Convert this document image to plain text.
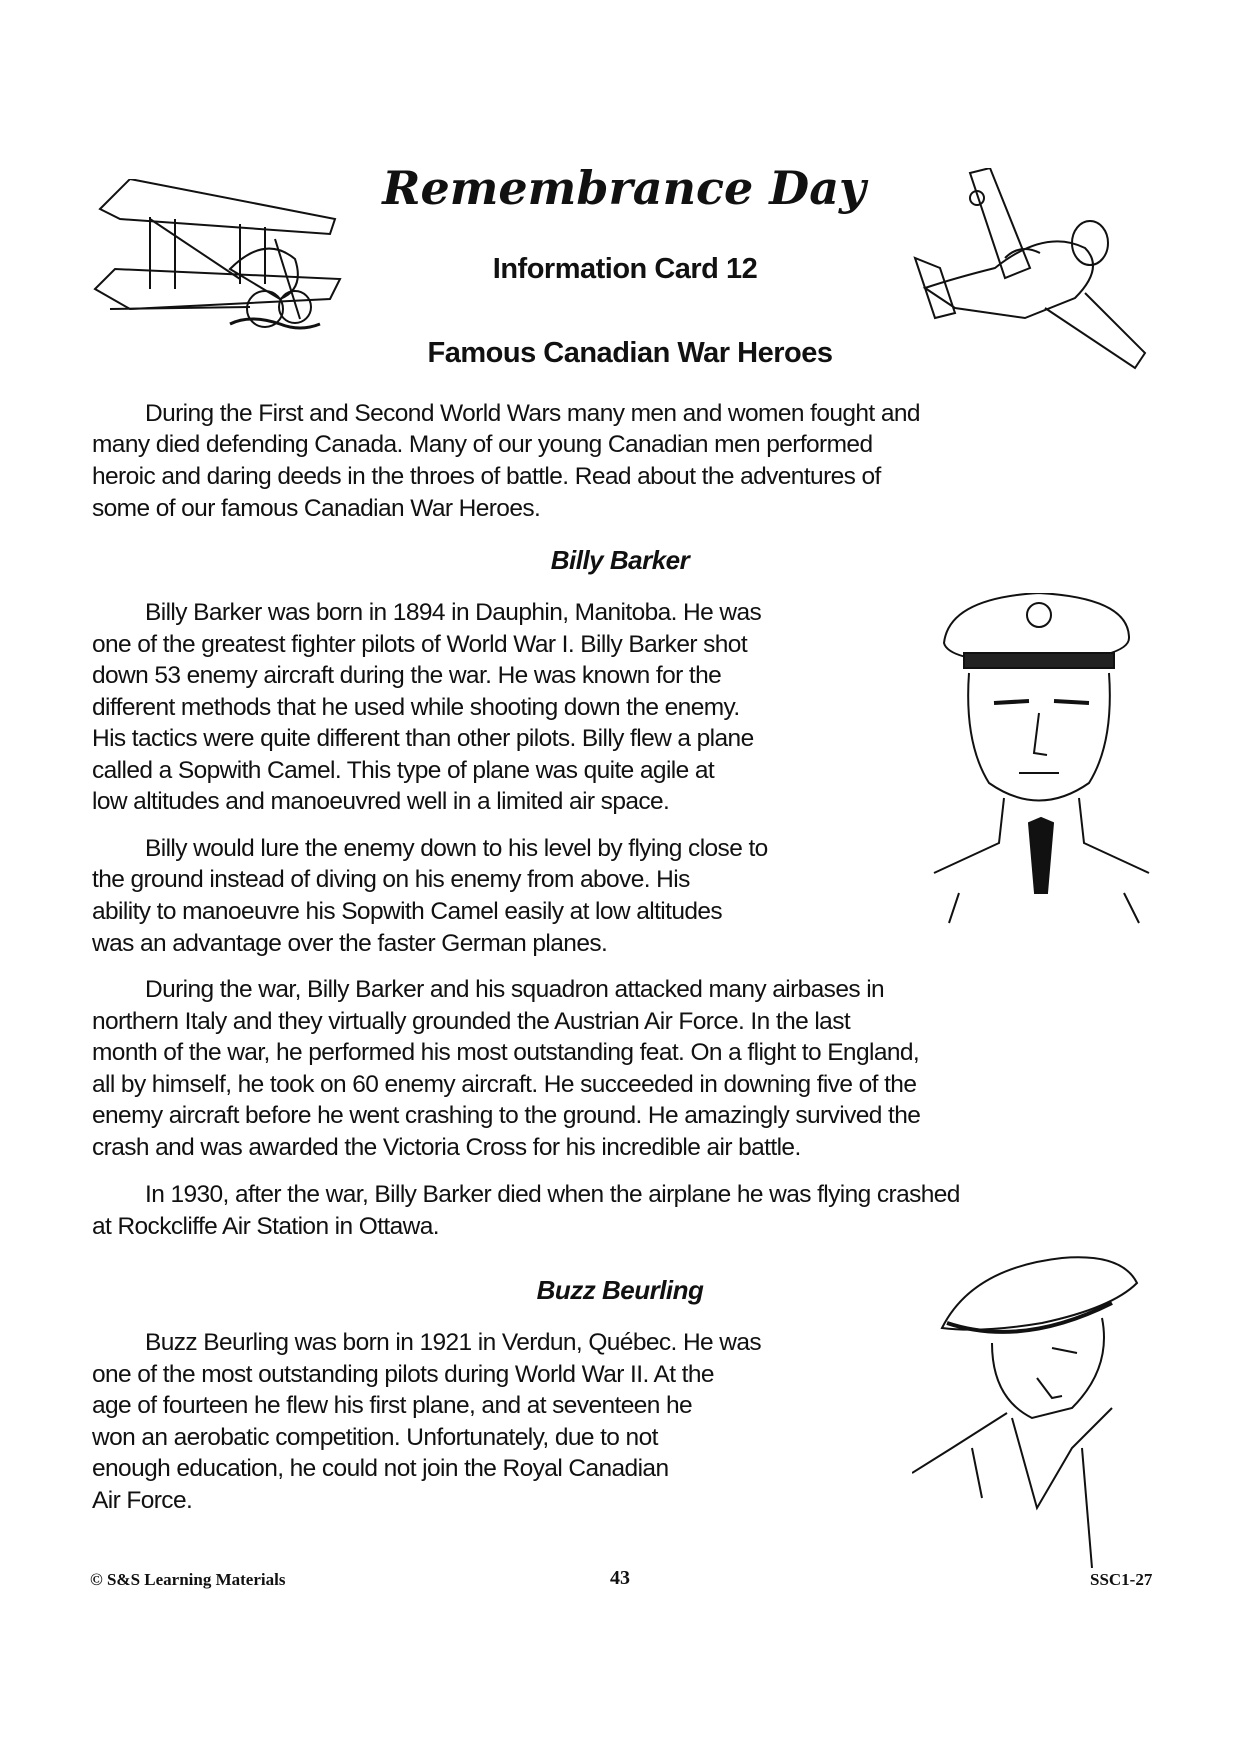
Remembrance Day
Information Card 12
Famous Canadian War Heroes
Billy Barker
Buzz Beurling
During the First and Second World Wars many men and women fought and
many died defending Canada. Many of our young Canadian men performed
heroic and daring deeds in the throes of battle. Read about the adventures of
some of our famous Canadian War Heroes.
Billy Barker was born in 1894 in Dauphin, Manitoba. He was
one of the greatest fighter pilots of World War I. Billy Barker shot
down 53 enemy aircraft during the war. He was known for the
different methods that he used while shooting down the enemy.
His tactics were quite different than other pilots. Billy flew a plane
called a Sopwith Camel. This type of plane was quite agile at
low altitudes and manoeuvred well in a limited air space.
Billy would lure the enemy down to his level by flying close to
the ground instead of diving on his enemy from above. His
ability to manoeuvre his Sopwith Camel easily at low altitudes
was an advantage over the faster German planes.
During the war, Billy Barker and his squadron attacked many airbases in
northern Italy and they virtually grounded the Austrian Air Force. In the last
month of the war, he performed his most outstanding feat. On a flight to England,
all by himself, he took on 60 enemy aircraft. He succeeded in downing five of the
enemy aircraft before he went crashing to the ground. He amazingly survived the
crash and was awarded the Victoria Cross for his incredible air battle.
In 1930, after the war, Billy Barker died when the airplane he was flying crashed
at Rockcliffe Air Station in Ottawa.
Buzz Beurling was born in 1921 in Verdun, Québec. He was
one of the most outstanding pilots during World War II. At the
age of fourteen he flew his first plane, and at seventeen he
won an aerobatic competition. Unfortunately, due to not
enough education, he could not join the Royal Canadian
Air Force.
© S&S Learning Materials	43	SSC1-27
